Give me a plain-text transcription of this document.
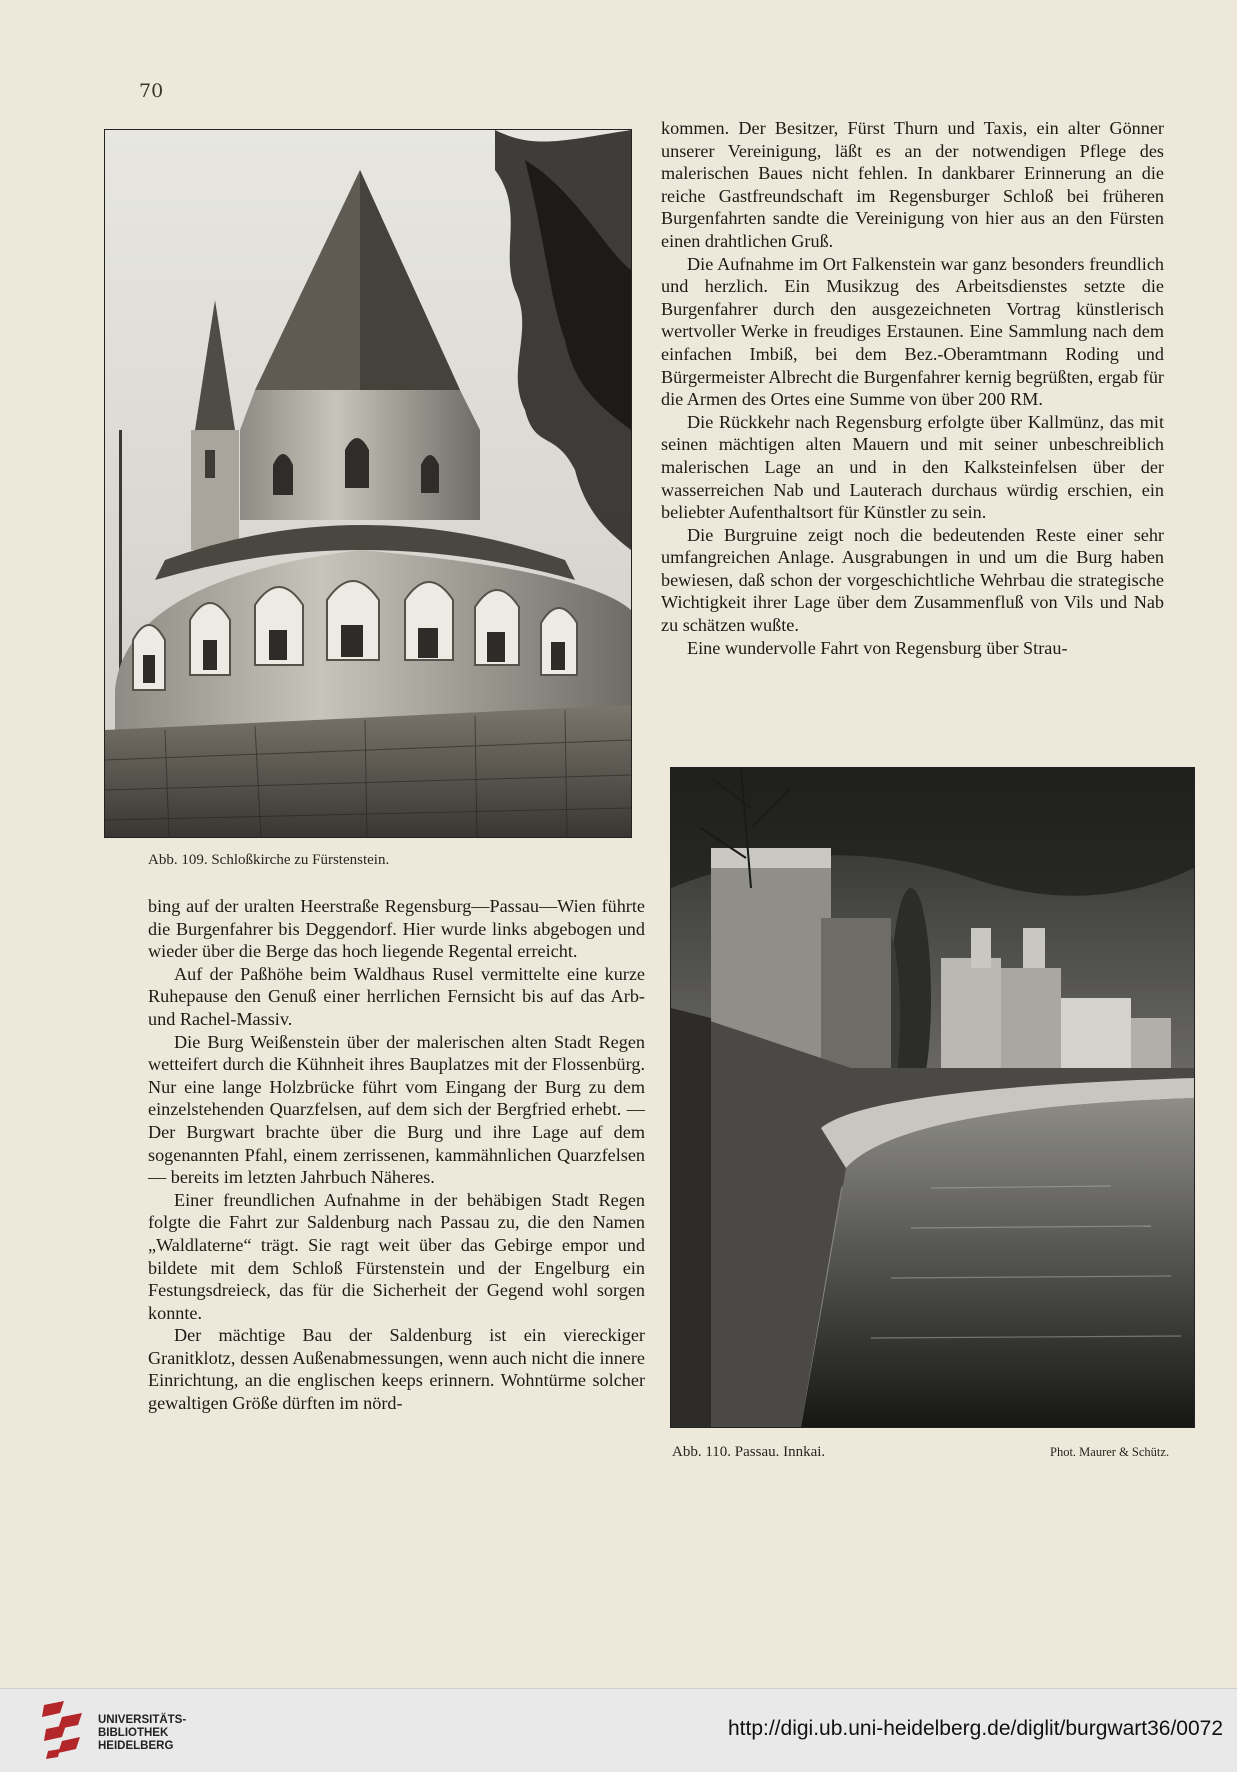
70
Abb. 109. Schloßkirche zu Fürstenstein.

kommen. Der Besitzer, Fürst Thurn und Taxis, ein alter Gönner unserer Vereinigung, läßt es an der notwendigen Pflege des malerischen Baues nicht fehlen. In dankbarer Erinnerung an die reiche Gastfreundschaft im Regensburger Schloß bei früheren Burgenfahrten sandte die Vereinigung von hier aus an den Fürsten einen drahtlichen Gruß.

Die Aufnahme im Ort Falkenstein war ganz besonders freundlich und herzlich. Ein Musikzug des Arbeitsdienstes setzte die Burgenfahrer durch den ausgezeichneten Vortrag künstlerisch wertvoller Werke in freudiges Erstaunen. Eine Sammlung nach dem einfachen Imbiß, bei dem Bez.-Oberamtmann Roding und Bürgermeister Albrecht die Burgenfahrer kernig begrüßten, ergab für die Armen des Ortes eine Summe von über 200 RM.

Die Rückkehr nach Regensburg erfolgte über Kallmünz, das mit seinen mächtigen alten Mauern und mit seiner unbeschreiblich malerischen Lage an und in den Kalksteinfelsen über der wasserreichen Nab und Lauterach durchaus würdig erschien, ein beliebter Aufenthaltsort für Künstler zu sein.

Die Burgruine zeigt noch die bedeutenden Reste einer sehr umfangreichen Anlage. Ausgrabungen in und um die Burg haben bewiesen, daß schon der vorgeschichtliche Wehrbau die strategische Wichtigkeit ihrer Lage über dem Zusammenfluß von Vils und Nab zu schätzen wußte.

Eine wundervolle Fahrt von Regensburg über Strau-

bing auf der uralten Heerstraße Regensburg—Passau—Wien führte die Burgenfahrer bis Deggendorf. Hier wurde links abgebogen und wieder über die Berge das hoch liegende Regental erreicht.

Auf der Paßhöhe beim Waldhaus Rusel vermittelte eine kurze Ruhepause den Genuß einer herrlichen Fernsicht bis auf das Arb- und Rachel-Massiv.

Die Burg Weißenstein über der malerischen alten Stadt Regen wetteifert durch die Kühnheit ihres Bauplatzes mit der Flossenbürg. Nur eine lange Holzbrücke führt vom Eingang der Burg zu dem einzelstehenden Quarzfelsen, auf dem sich der Bergfried erhebt. — Der Burgwart brachte über die Burg und ihre Lage auf dem sogenannten Pfahl, einem zerrissenen, kammähnlichen Quarzfelsen — bereits im letzten Jahrbuch Näheres.

Einer freundlichen Aufnahme in der behäbigen Stadt Regen folgte die Fahrt zur Saldenburg nach Passau zu, die den Namen „Waldlaterne“ trägt. Sie ragt weit über das Gebirge empor und bildete mit dem Schloß Fürstenstein und der Engelburg ein Festungsdreieck, das für die Sicherheit der Gegend wohl sorgen konnte.

Der mächtige Bau der Saldenburg ist ein viereckiger Granitklotz, dessen Außenabmessungen, wenn auch nicht die innere Einrichtung, an die englischen keeps erinnern. Wohntürme solcher gewaltigen Größe dürften im nörd-

Abb. 110. Passau. Innkai.	Phot. Maurer & Schütz.
UNIVERSITÄTS-
BIBLIOTHEK
HEIDELBERG
http://digi.ub.uni-heidelberg.de/diglit/burgwart36/0072
